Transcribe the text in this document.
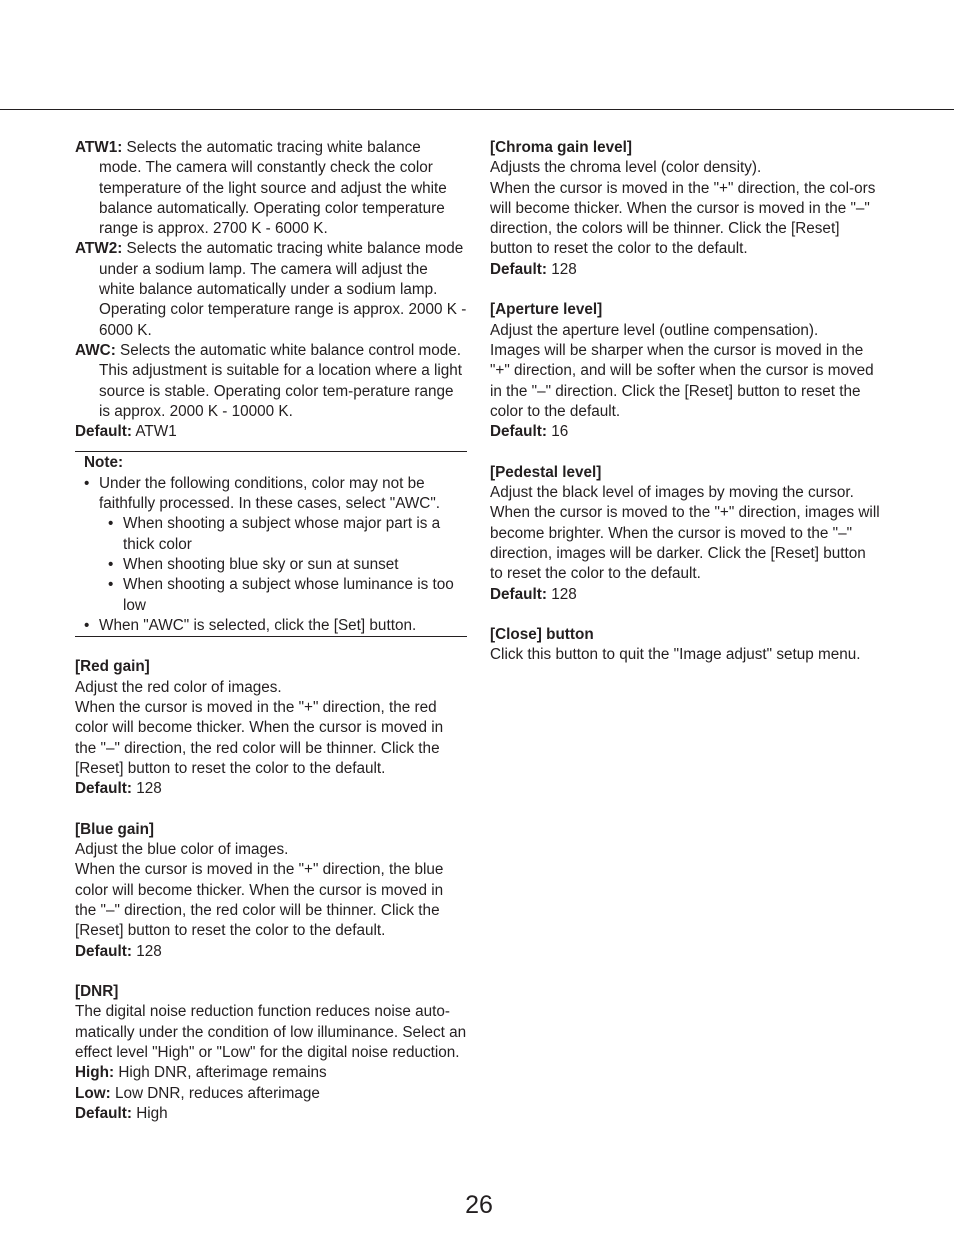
ATW1: Selects the automatic tracing white balance mode. The camera will constantly check the color temperature of the light source and adjust the white balance automatically. Operating color temperature range is approx. 2700 K - 6000 K.

ATW2: Selects the automatic tracing white balance mode under a sodium lamp. The camera will adjust the white balance automatically under a sodium lamp. Operating color temperature range is approx. 2000 K - 6000 K.

AWC: Selects the automatic white balance control mode. This adjustment is suitable for a location where a light source is stable. Operating color tem-perature range is approx. 2000 K - 10000 K.

Default: ATW1

Note:

• Under the following conditions, color may not be faithfully processed. In these cases, select "AWC".

• When shooting a subject whose major part is a thick color

• When shooting blue sky or sun at sunset

• When shooting a subject whose luminance is too low

• When "AWC" is selected, click the [Set] button.

[Red gain]

Adjust the red color of images.

When the cursor is moved in the "+" direction, the red color will become thicker. When the cursor is moved in the "–" direction, the red color will be thinner. Click the [Reset] button to reset the color to the default.

Default: 128

[Blue gain]

Adjust the blue color of images.

When the cursor is moved in the "+" direction, the blue color will become thicker. When the cursor is moved in the "–" direction, the red color will be thinner. Click the [Reset] button to reset the color to the default.

Default: 128

[DNR]

The digital noise reduction function reduces noise auto-matically under the condition of low illuminance. Select an effect level "High" or "Low" for the digital noise reduction.

High: High DNR, afterimage remains

Low: Low DNR, reduces afterimage

Default: High

[Chroma gain level]

Adjusts the chroma level (color density).

When the cursor is moved in the "+" direction, the col-ors will become thicker. When the cursor is moved in the "–" direction, the colors will be thinner. Click the [Reset] button to reset the color to the default.

Default: 128

[Aperture level]

Adjust the aperture level (outline compensation).

Images will be sharper when the cursor is moved in the "+" direction, and will be softer when the cursor is moved in the "–" direction. Click the [Reset] button to reset the color to the default.

Default: 16

[Pedestal level]

Adjust the black level of images by moving the cursor.

When the cursor is moved to the "+" direction, images will become brighter. When the cursor is moved to the "–" direction, images will be darker. Click the [Reset] button to reset the color to the default.

Default: 128

[Close] button

Click this button to quit the "Image adjust" setup menu.

26
